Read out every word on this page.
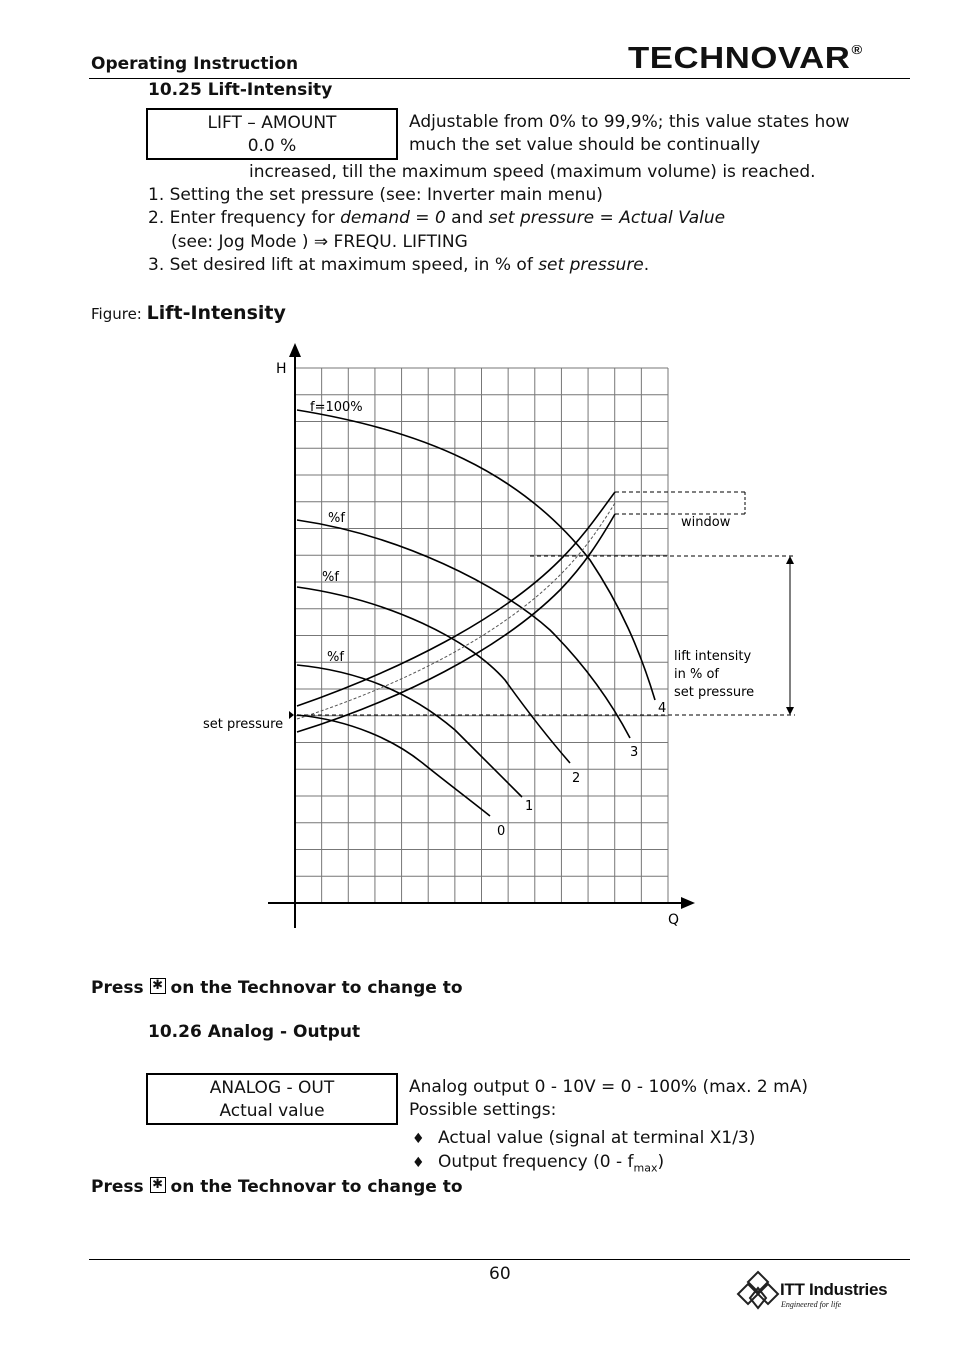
Operating Instruction	TECHNOVAR®
10.25 Lift-Intensity
LIFT – AMOUNT
0.0 %
Adjustable from 0% to 99,9%; this value states how
much the set value should be continually
increased, till the maximum speed (maximum volume) is reached.
1. Setting the set pressure (see: Inverter main menu)
2. Enter frequency for demand = 0 and set pressure = Actual Value
(see: Jog Mode ) ⇒ FREQU. LIFTING
3. Set desired lift at maximum speed, in % of set pressure.
Figure: Lift-Intensity
H
Q
f=100%
%f
%f
%f
set pressure
window
lift intensity
in % of
set pressure
4
3
2
1
0
Press ✱ on the Technovar to change to
10.26 Analog - Output
ANALOG - OUT
Actual value
Analog output 0 - 10V = 0 - 100% (max. 2 mA)
Possible settings:
♦ Actual value (signal at terminal X1/3)
♦ Output frequency $(0 - f_{max})$
Press ✱ on the Technovar to change to
60
ITT Industries
Engineered for life
